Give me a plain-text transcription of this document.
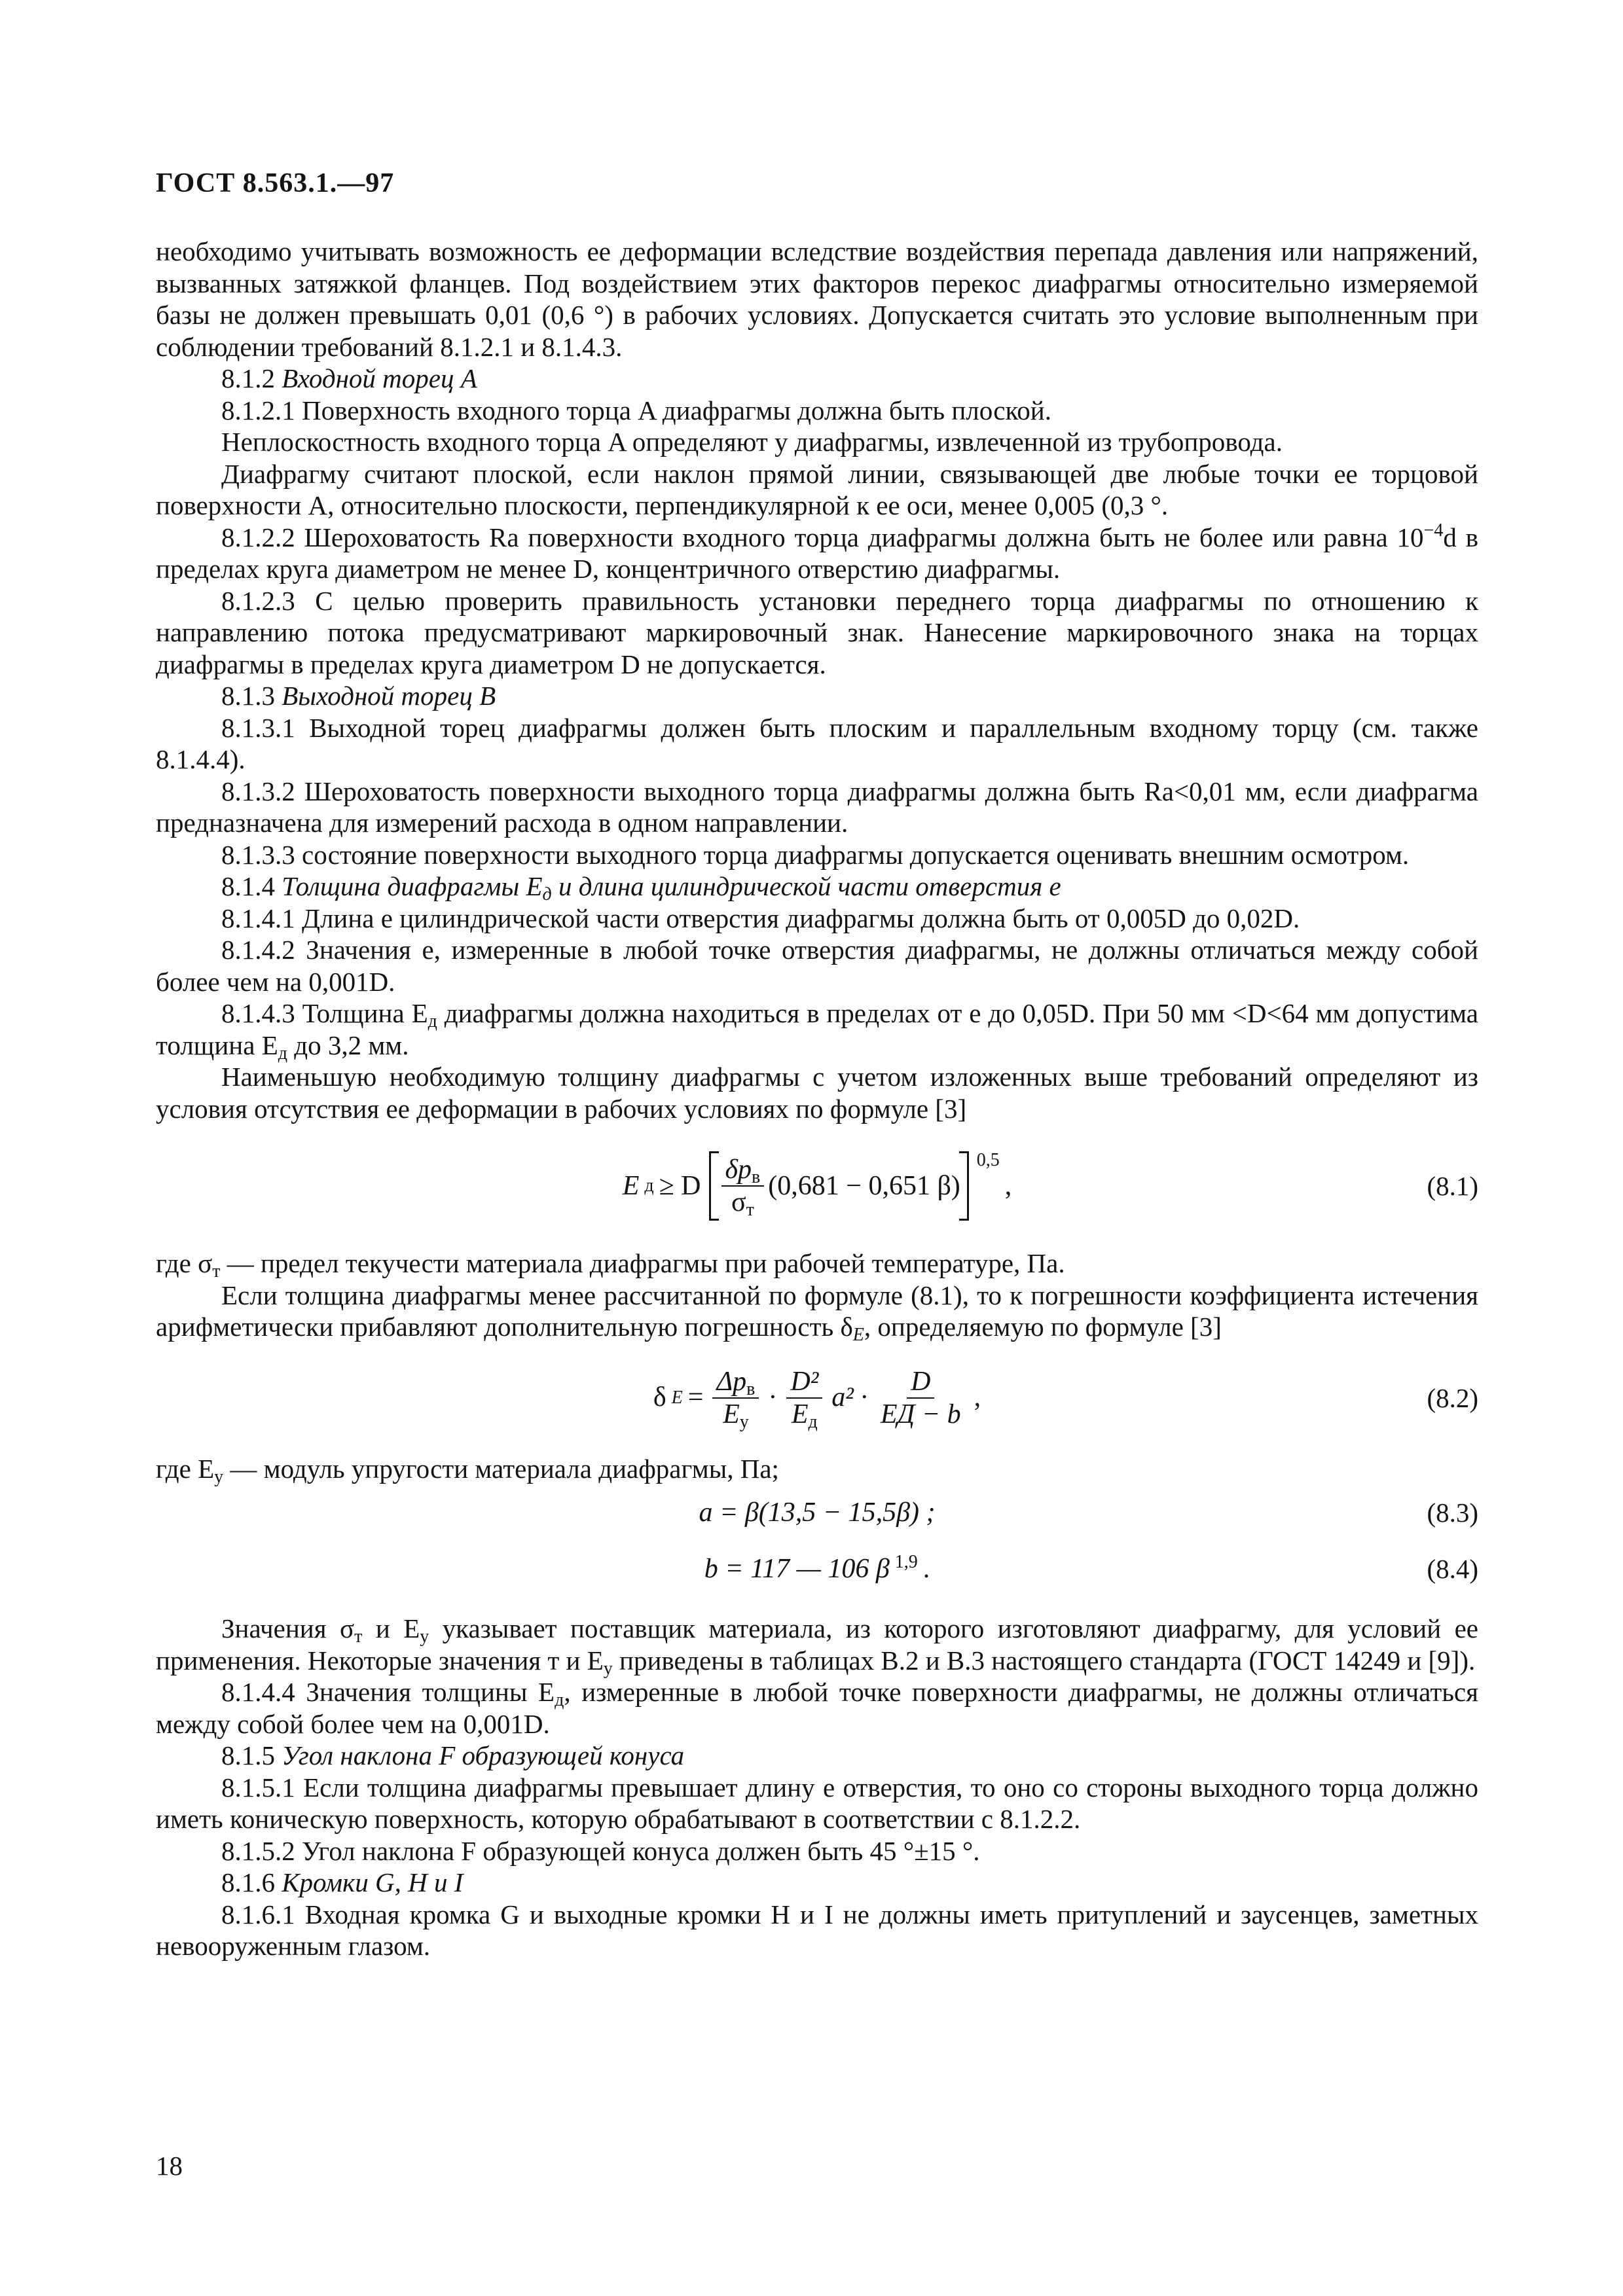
ГОСТ 8.563.1.—97

необходимо учитывать возможность ее деформации вследствие воздействия перепада давления или напряжений, вызванных затяжкой фланцев. Под воздействием этих факторов перекос диафрагмы относительно измеряемой базы не должен превышать 0,01 (0,6 °) в рабочих условиях. Допускается считать это условие выполненным при соблюдении требований 8.1.2.1 и 8.1.4.3.

8.1.2 Входной торец A

8.1.2.1 Поверхность входного торца A диафрагмы должна быть плоской.

Неплоскостность входного торца A определяют у диафрагмы, извлеченной из трубопровода.

Диафрагму считают плоской, если наклон прямой линии, связывающей две любые точки ее торцовой поверхности A, относительно плоскости, перпендикулярной к ее оси, менее 0,005 (0,3 °.

8.1.2.2 Шероховатость Ra поверхности входного торца диафрагмы должна быть не более или равна $10^{-4}d$ в пределах круга диаметром не менее D, концентричного отверстию диафрагмы.

8.1.2.3 С целью проверить правильность установки переднего торца диафрагмы по отношению к направлению потока предусматривают маркировочный знак. Нанесение маркировочного знака на торцах диафрагмы в пределах круга диаметром D не допускается.

8.1.3 Выходной торец B

8.1.3.1 Выходной торец диафрагмы должен быть плоским и параллельным входному торцу (см. также 8.1.4.4).

8.1.3.2 Шероховатость поверхности выходного торца диафрагмы должна быть Ra<0,01 мм, если диафрагма предназначена для измерений расхода в одном направлении.

8.1.3.3 состояние поверхности выходного торца диафрагмы допускается оценивать внешним осмотром.

8.1.4 Толщина диафрагмы $E_д$ и длина цилиндрической части отверстия e

8.1.4.1 Длина e цилиндрической части отверстия диафрагмы должна быть от 0,005D до 0,02D.

8.1.4.2 Значения e, измеренные в любой точке отверстия диафрагмы, не должны отличаться между собой более чем на 0,001D.

8.1.4.3 Толщина $E_д$ диафрагмы должна находиться в пределах от e до 0,05D. При 50 мм <D<64 мм допустима толщина $E_д$ до 3,2 мм.

Наименьшую необходимую толщину диафрагмы с учетом изложенных выше требований определяют из условия отсутствия ее деформации в рабочих условиях по формуле [3]

E д ≥ D $\frac{\delta p_в}{\sigma_т} (0,681 - 0,651$ β)
0,5
,	(8.1)

где $\sigma_т$ — предел текучести материала диафрагмы при рабочей температуре, Па.

Если толщина диафрагмы менее рассчитанной по формуле (8.1), то к погрешности коэффициента истечения арифметически прибавляют дополнительную погрешность $\delta_E$, определяемую по формуле [3]

δ $E = \frac{\Delta p_в}{E_у} \cdot \frac{\text{D²}}{E_д} a^2 \cdot \frac{D}{EД - b}$ ,	(8.2)

где $E_у$ — модуль упругости материала диафрагмы, Па;

a = β(13,5 − 15,5β) ;	(8.3)
b = 117 — 106 β 1,9 .	(8.4)

Значения $\sigma_т$ и $E_у$ указывает поставщик материала, из которого изготовляют диафрагму, для условий ее применения. Некоторые значения т и $E_у$ приведены в таблицах В.2 и В.3 настоящего стандарта (ГОСТ 14249 и [9]).

8.1.4.4 Значения толщины $E_д$, измеренные в любой точке поверхности диафрагмы, не должны отличаться между собой более чем на 0,001D.

8.1.5 Угол наклона F образующей конуса

8.1.5.1 Если толщина диафрагмы превышает длину e отверстия, то оно со стороны выходного торца должно иметь коническую поверхность, которую обрабатывают в соответствии с 8.1.2.2.

8.1.5.2 Угол наклона F образующей конуса должен быть 45 °±15 °.

8.1.6 Кромки G, H и I

8.1.6.1 Входная кромка G и выходные кромки H и I не должны иметь притуплений и заусенцев, заметных невооруженным глазом.

18
